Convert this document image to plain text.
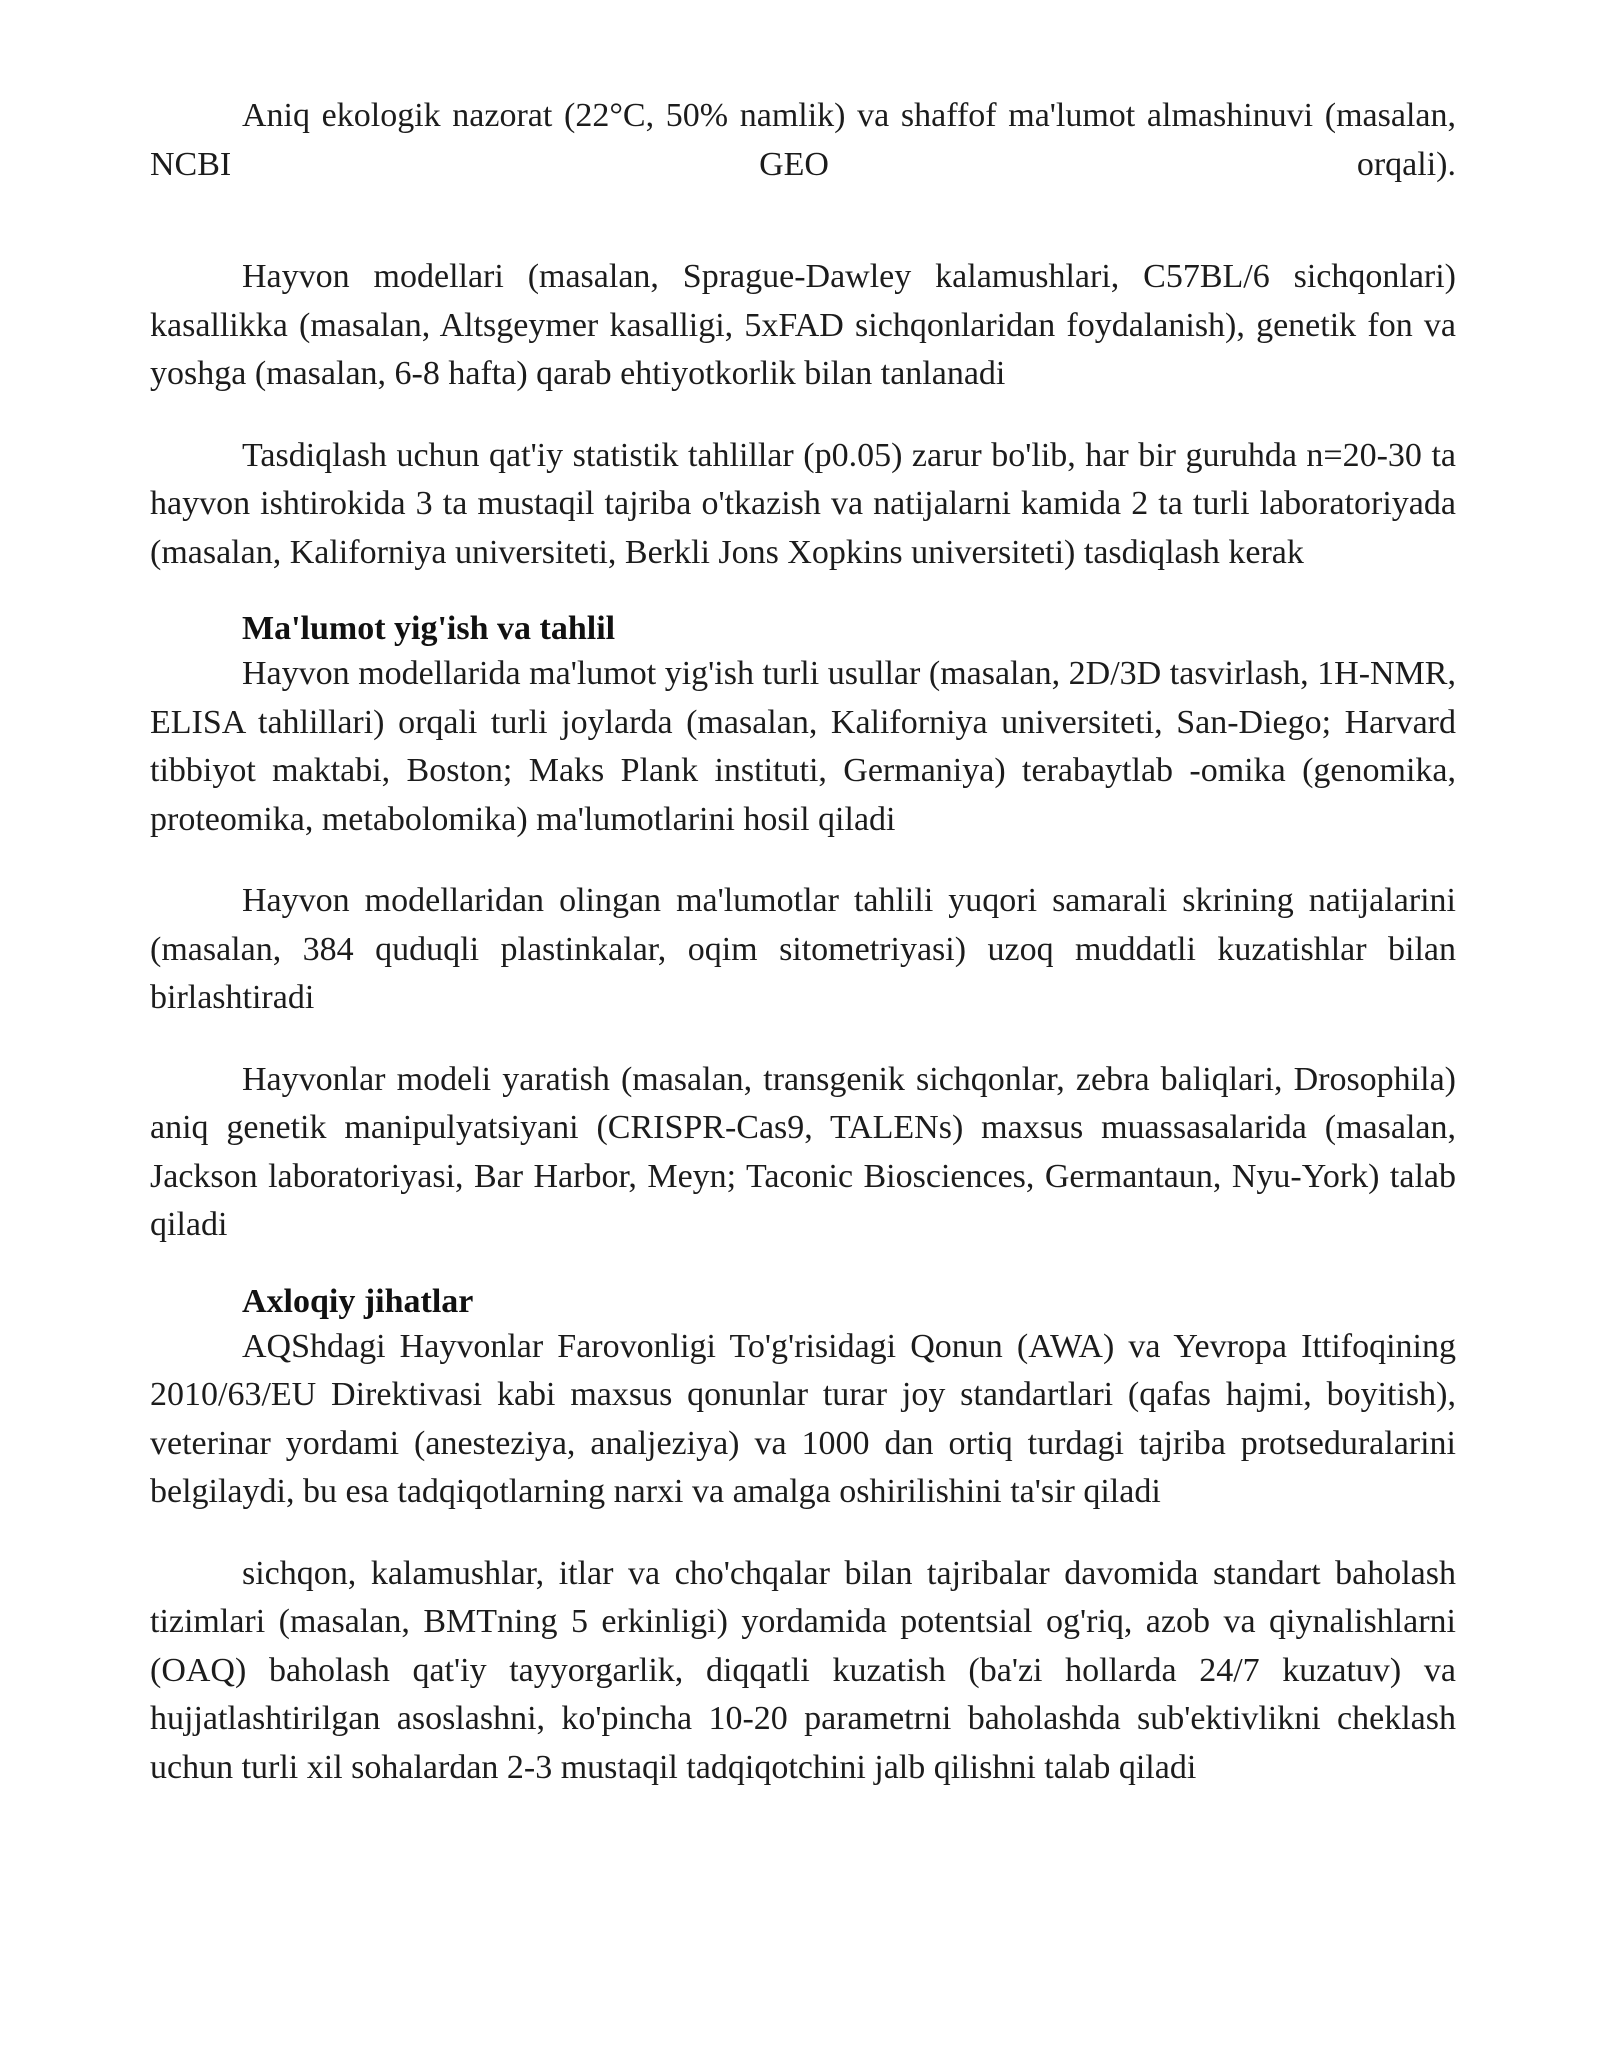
Aniq ekologik nazorat (22°C, 50% namlik) va shaffof ma'lumot almashinuvi (masalan, NCBI GEO orqali).

Hayvon modellari (masalan, Sprague-Dawley kalamushlari, C57BL/6 sichqonlari) kasallikka (masalan, Altsgeymer kasalligi, 5xFAD sichqonlaridan foydalanish), genetik fon va yoshga (masalan, 6-8 hafta) qarab ehtiyotkorlik bilan tanlanadi

Tasdiqlash uchun qat'iy statistik tahlillar (p0.05) zarur bo'lib, har bir guruhda n=20-30 ta hayvon ishtirokida 3 ta mustaqil tajriba o'tkazish va natijalarni kamida 2 ta turli laboratoriyada (masalan, Kaliforniya universiteti, Berkli Jons Xopkins universiteti) tasdiqlash kerak

Ma'lumot yig'ish va tahlil

Hayvon modellarida ma'lumot yig'ish turli usullar (masalan, 2D/3D tasvirlash, 1H-NMR, ELISA tahlillari) orqali turli joylarda (masalan, Kaliforniya universiteti, San-Diego; Harvard tibbiyot maktabi, Boston; Maks Plank instituti, Germaniya) terabaytlab -omika (genomika, proteomika, metabolomika) ma'lumotlarini hosil qiladi

Hayvon modellaridan olingan ma'lumotlar tahlili yuqori samarali skrining natijalarini (masalan, 384 quduqli plastinkalar, oqim sitometriyasi) uzoq muddatli kuzatishlar bilan birlashtiradi

Hayvonlar modeli yaratish (masalan, transgenik sichqonlar, zebra baliqlari, Drosophila) aniq genetik manipulyatsiyani (CRISPR-Cas9, TALENs) maxsus muassasalarida (masalan, Jackson laboratoriyasi, Bar Harbor, Meyn; Taconic Biosciences, Germantaun, Nyu-York) talab qiladi

Axloqiy jihatlar

AQShdagi Hayvonlar Farovonligi To'g'risidagi Qonun (AWA) va Yevropa Ittifoqining 2010/63/EU Direktivasi kabi maxsus qonunlar turar joy standartlari (qafas hajmi, boyitish), veterinar yordami (anesteziya, analjeziya) va 1000 dan ortiq turdagi tajriba protseduralarini belgilaydi, bu esa tadqiqotlarning narxi va amalga oshirilishini ta'sir qiladi

sichqon, kalamushlar, itlar va cho'chqalar bilan tajribalar davomida standart baholash tizimlari (masalan, BMTning 5 erkinligi) yordamida potentsial og'riq, azob va qiynalishlarni (OAQ) baholash qat'iy tayyorgarlik, diqqatli kuzatish (ba'zi hollarda 24/7 kuzatuv) va hujjatlashtirilgan asoslashni, ko'pincha 10-20 parametrni baholashda sub'ektivlikni cheklash uchun turli xil sohalardan 2-3 mustaqil tadqiqotchini jalb qilishni talab qiladi
